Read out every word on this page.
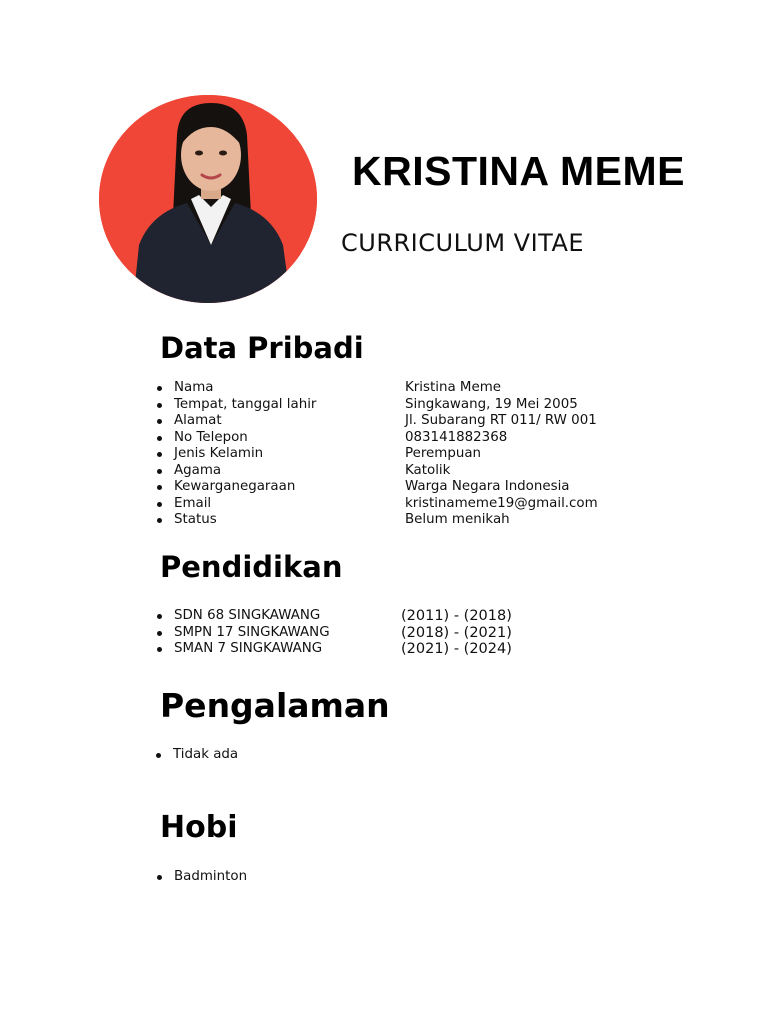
KRISTINA MEME
CURRICULUM VITAE
Data Pribadi
Nama
Tempat, tanggal lahir
Alamat
No Telepon
Jenis Kelamin
Agama
Kewarganegaraan
Email
Status
Kristina Meme
Singkawang, 19 Mei 2005
Jl. Subarang RT 011/ RW 001
083141882368
Perempuan
Katolik
Warga Negara Indonesia
kristinameme19@gmail.com
Belum menikah
Pendidikan
SDN 68 SINGKAWANG
SMPN 17 SINGKAWANG
SMAN 7 SINGKAWANG
(2011) - (2018)
(2018) - (2021)
(2021) - (2024)
Pengalaman
Tidak ada
Hobi
Badminton
